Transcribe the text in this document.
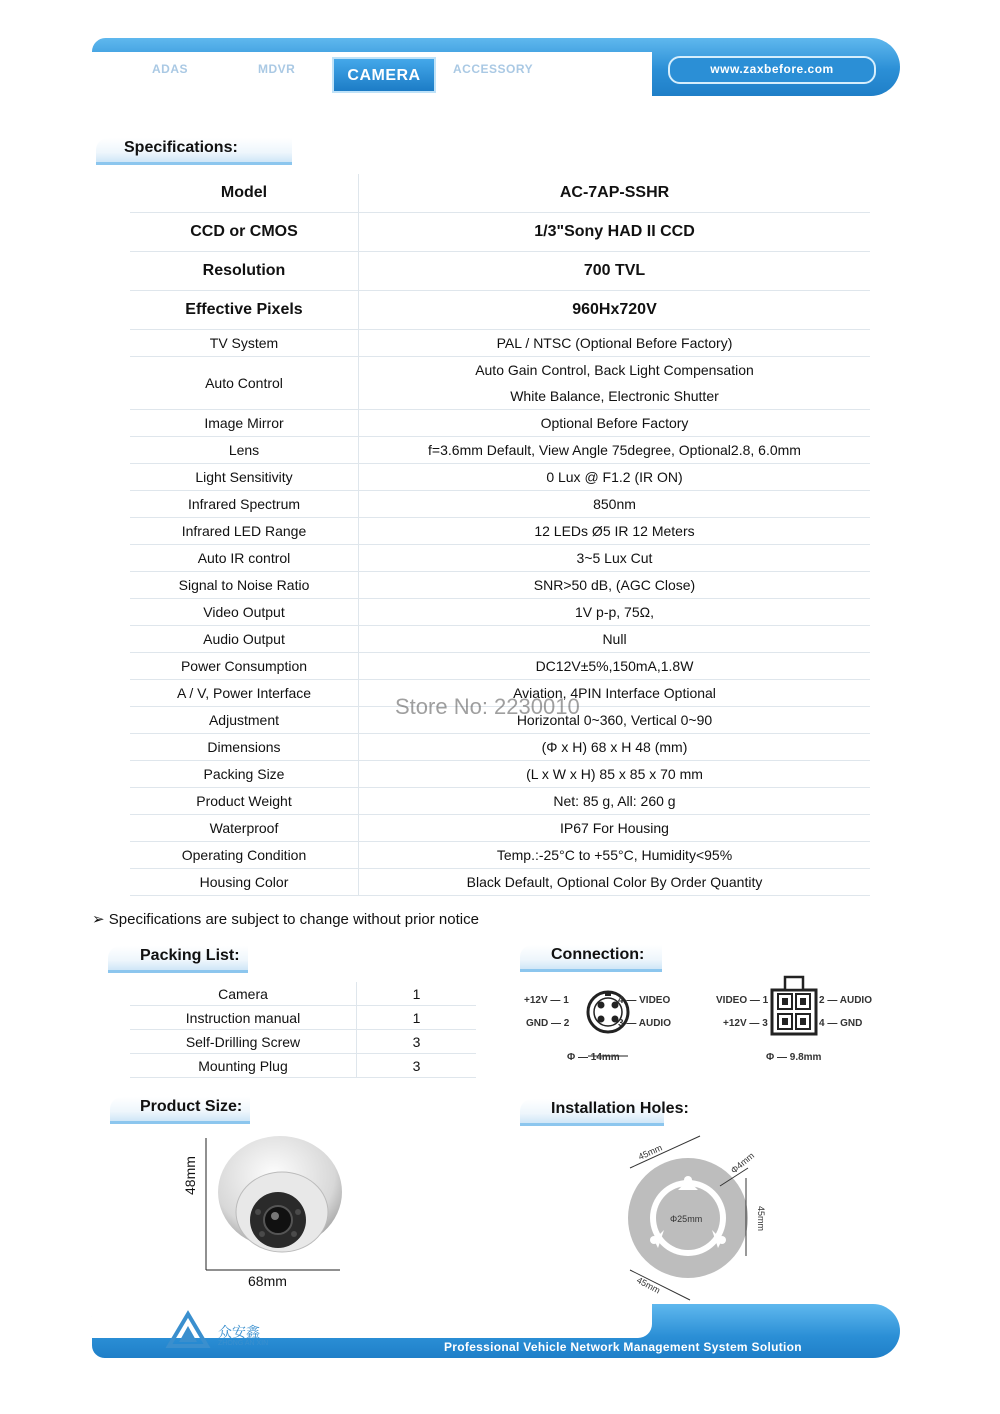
ADAS	MDVR	CAMERA	ACCESSORY	www.zaxbefore.com
Specifications:
Model	AC-7AP-SSHR

CCD or CMOS	1/3"Sony HAD II CCD

Resolution	700 TVL

Effective Pixels	960Hx720V

TV System	PAL / NTSC (Optional Before Factory)

Auto Control	Auto Gain Control, Back Light Compensation
White Balance, Electronic Shutter

Image Mirror	Optional Before Factory

Lens	f=3.6mm Default, View Angle 75degree, Optional2.8, 6.0mm

Light Sensitivity	0 Lux @ F1.2 (IR ON)

Infrared Spectrum	850nm

Infrared LED Range	12 LEDs Ø5 IR 12 Meters

Auto IR control	3~5 Lux Cut

Signal to Noise Ratio	SNR>50 dB, (AGC Close)

Video Output	1V p-p, 75Ω,

Audio Output	Null

Power Consumption	DC12V±5%,150mA,1.8W

A / V, Power Interface	Aviation, 4PIN Interface Optional

Adjustment	Horizontal 0~360, Vertical 0~90

Dimensions	(Φ x H) 68 x H 48 (mm)

Packing Size	(L x W x H) 85 x 85 x 70 mm

Product Weight	Net: 85 g, All: 260 g

Waterproof	IP67 For Housing

Operating Condition	Temp.:-25°C to +55°C, Humidity<95%

Housing Color	Black Default, Optional Color By Order Quantity
Store No: 2230010
➢ Specifications are subject to change without prior notice
Packing List:
Camera	1
Instruction manual	1
Self-Drilling Screw	3
Mounting Plug	3
Connection:
+12V — 1
GND — 2
4 — VIDEO
3 — AUDIO
Φ — 14mm
VIDEO — 1
+12V — 3
2 — AUDIO
4 — GND
Φ — 9.8mm
Product Size:
48mm
68mm
Installation Holes:
45mm	Φ4mm
Φ25mm	45mm
45mm
众安鑫
ZHONG AN XIN	Professional Vehicle Network Management System Solution
